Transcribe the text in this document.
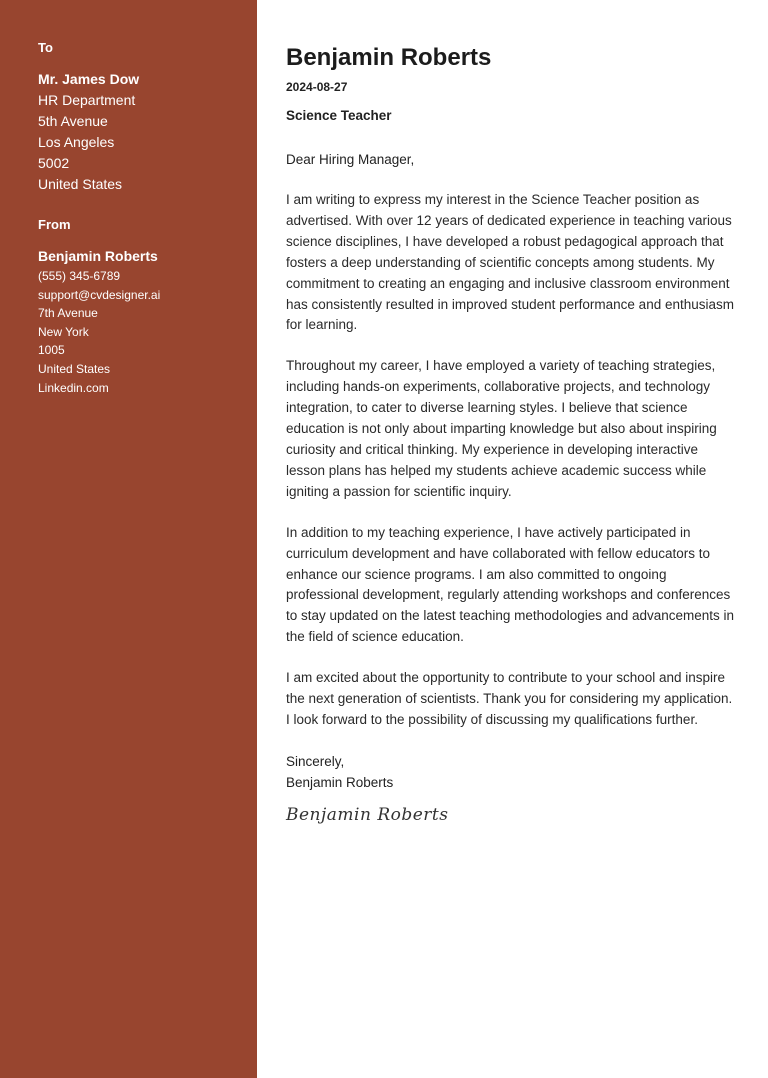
To
Mr. James Dow
HR Department
5th Avenue
Los Angeles
5002
United States
From
Benjamin Roberts
(555) 345-6789
support@cvdesigner.ai
7th Avenue
New York
1005
United States
Linkedin.com
Benjamin Roberts
2024-08-27
Science Teacher
Dear Hiring Manager,

I am writing to express my interest in the Science Teacher position as advertised. With over 12 years of dedicated experience in teaching various science disciplines, I have developed a robust pedagogical approach that fosters a deep understanding of scientific concepts among students. My commitment to creating an engaging and inclusive classroom environment has consistently resulted in improved student performance and enthusiasm for learning.

Throughout my career, I have employed a variety of teaching strategies, including hands-on experiments, collaborative projects, and technology integration, to cater to diverse learning styles. I believe that science education is not only about imparting knowledge but also about inspiring curiosity and critical thinking. My experience in developing interactive lesson plans has helped my students achieve academic success while igniting a passion for scientific inquiry.

In addition to my teaching experience, I have actively participated in curriculum development and have collaborated with fellow educators to enhance our science programs. I am also committed to ongoing professional development, regularly attending workshops and conferences to stay updated on the latest teaching methodologies and advancements in the field of science education.

I am excited about the opportunity to contribute to your school and inspire the next generation of scientists. Thank you for considering my application. I look forward to the possibility of discussing my qualifications further.

Sincerely,
Benjamin Roberts
Benjamin Roberts
